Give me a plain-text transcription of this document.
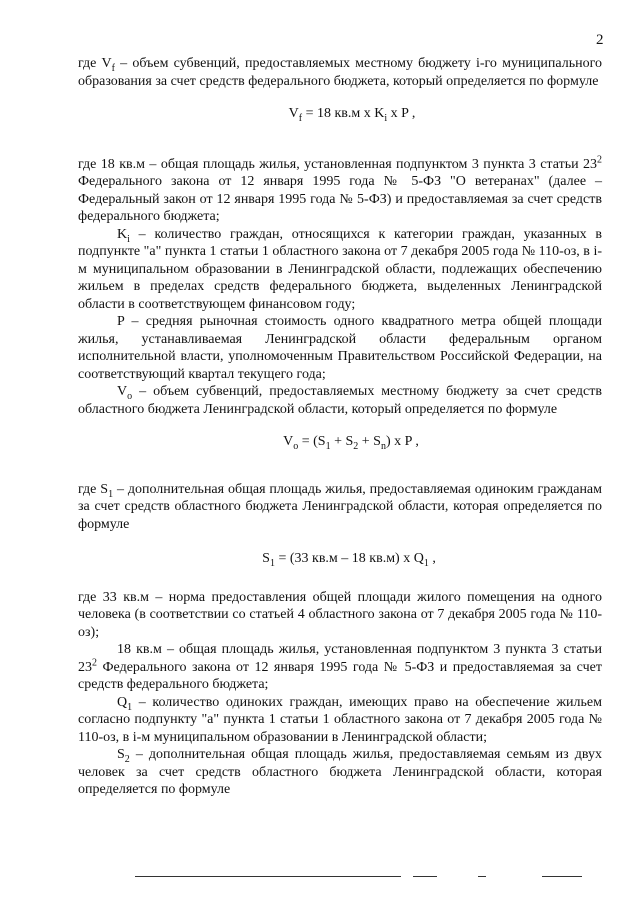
2

где $V_f$ – объем субвенций, предоставляемых местному бюджету i-го муниципального образования за счет средств федерального бюджета, который определяется по формуле

$V_f = 18$ кв.м х $K_i$ х P ,

где 18 кв.м – общая площадь жилья, установленная подпунктом 3 пункта 3 статьи $23^2$ Федерального закона от 12 января 1995 года № 5-ФЗ "О ветеранах" (далее – Федеральный закон от 12 января 1995 года № 5-ФЗ) и предоставляемая за счет средств федерального бюджета;

$K_i$ – количество граждан, относящихся к категории граждан, указанных в подпункте "а" пункта 1 статьи 1 областного закона от 7 декабря 2005 года № 110-оз, в i-м муниципальном образовании в Ленинградской области, подлежащих обеспечению жильем в пределах средств федерального бюджета, выделенных Ленинградской области в соответствующем финансовом году;

P – средняя рыночная стоимость одного квадратного метра общей площади жилья, устанавливаемая Ленинградской области федеральным органом исполнительной власти, уполномоченным Правительством Российской Федерации, на соответствующий квартал текущего года;

$V_o$ – объем субвенций, предоставляемых местному бюджету за счет средств областного бюджета Ленинградской области, который определяется по формуле

$V_o = (S_1 + S_2 + S_n)$ х P ,

где $S_1$ – дополнительная общая площадь жилья, предоставляемая одиноким гражданам за счет средств областного бюджета Ленинградской области, которая определяется по формуле

$S_1 = (33$ кв.м – 18 кв.м) х $Q_1$ ,

где 33 кв.м – норма предоставления общей площади жилого помещения на одного человека (в соответствии со статьей 4 областного закона от 7 декабря 2005 года № 110-оз);

18 кв.м – общая площадь жилья, установленная подпунктом 3 пункта 3 статьи $23^2$ Федерального закона от 12 января 1995 года № 5-ФЗ и предоставляемая за счет средств федерального бюджета;

$Q_1$ – количество одиноких граждан, имеющих право на обеспечение жильем согласно подпункту "а" пункта 1 статьи 1 областного закона от 7 декабря 2005 года № 110-оз, в i-м муниципальном образовании в Ленинградской области;

$S_2$ – дополнительная общая площадь жилья, предоставляемая семьям из двух человек за счет средств областного бюджета Ленинградской области, которая определяется по формуле
